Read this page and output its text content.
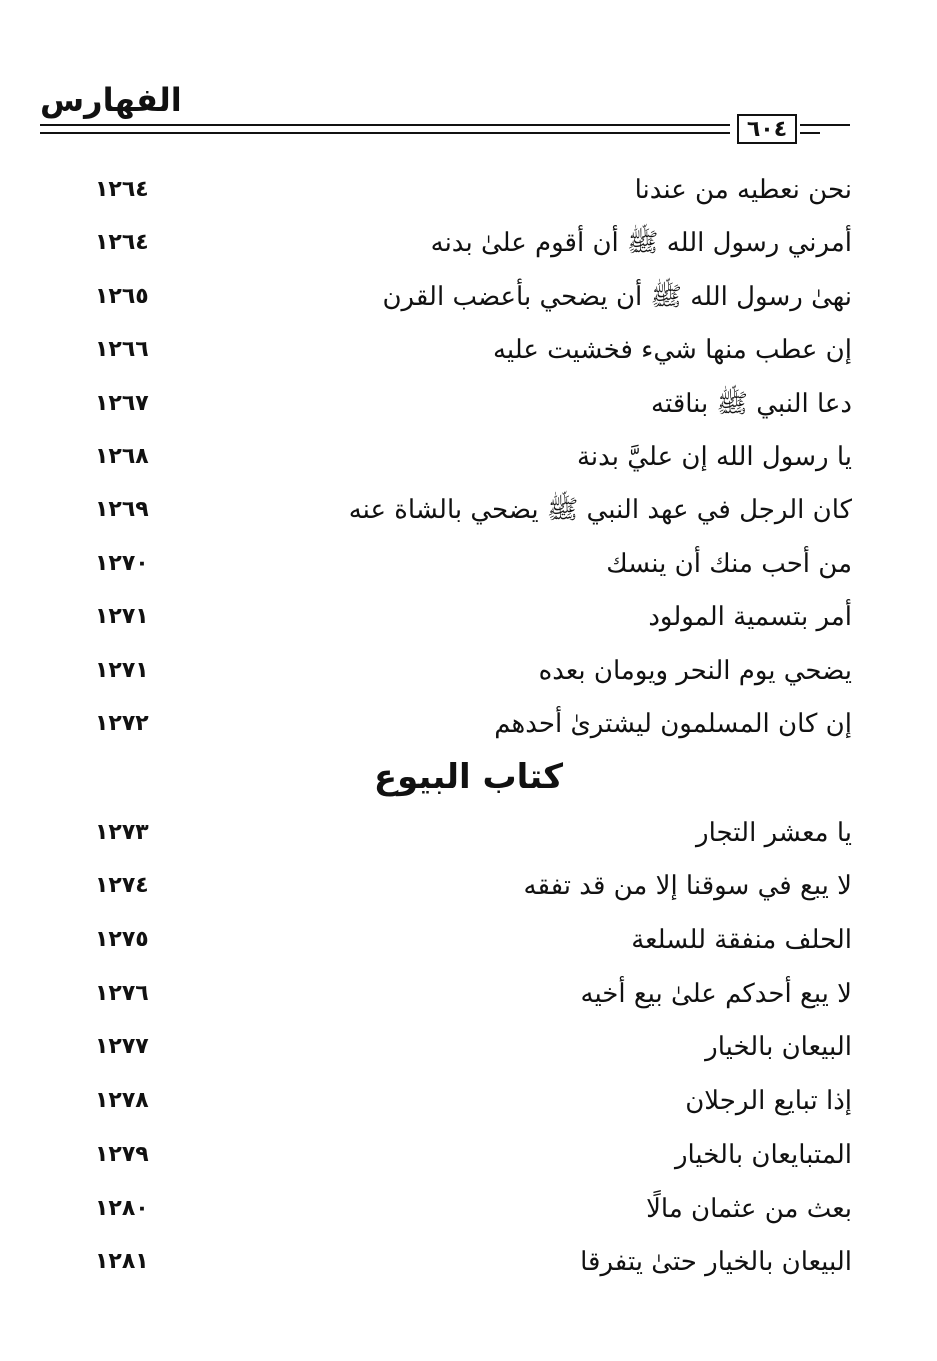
الفهارس
٦٠٤
نحن نعطيه من عندنا
١٢٦٤
أمرني رسول الله ﷺ أن أقوم علىٰ بدنه
١٢٦٤
نهىٰ رسول الله ﷺ أن يضحي بأعضب القرن
١٢٦٥
إن عطب منها شيء فخشيت عليه
١٢٦٦
دعا النبي ﷺ بناقته
١٢٦٧
يا رسول الله إن عليَّ بدنة
١٢٦٨
كان الرجل في عهد النبي ﷺ يضحي بالشاة عنه
١٢٦٩
من أحب منك أن ينسك
١٢٧٠
أمر بتسمية المولود
١٢٧١
يضحي يوم النحر ويومان بعده
١٢٧١
إن كان المسلمون ليشترىٰ أحدهم
١٢٧٢
كتاب البيوع
يا معشر التجار
١٢٧٣
لا يبع في سوقنا إلا من قد تفقه
١٢٧٤
الحلف منفقة للسلعة
١٢٧٥
لا يبع أحدكم علىٰ بيع أخيه
١٢٧٦
البيعان بالخيار
١٢٧٧
إذا تبايع الرجلان
١٢٧٨
المتبايعان بالخيار
١٢٧٩
بعث من عثمان مالًا
١٢٨٠
البيعان بالخيار حتىٰ يتفرقا
١٢٨١
